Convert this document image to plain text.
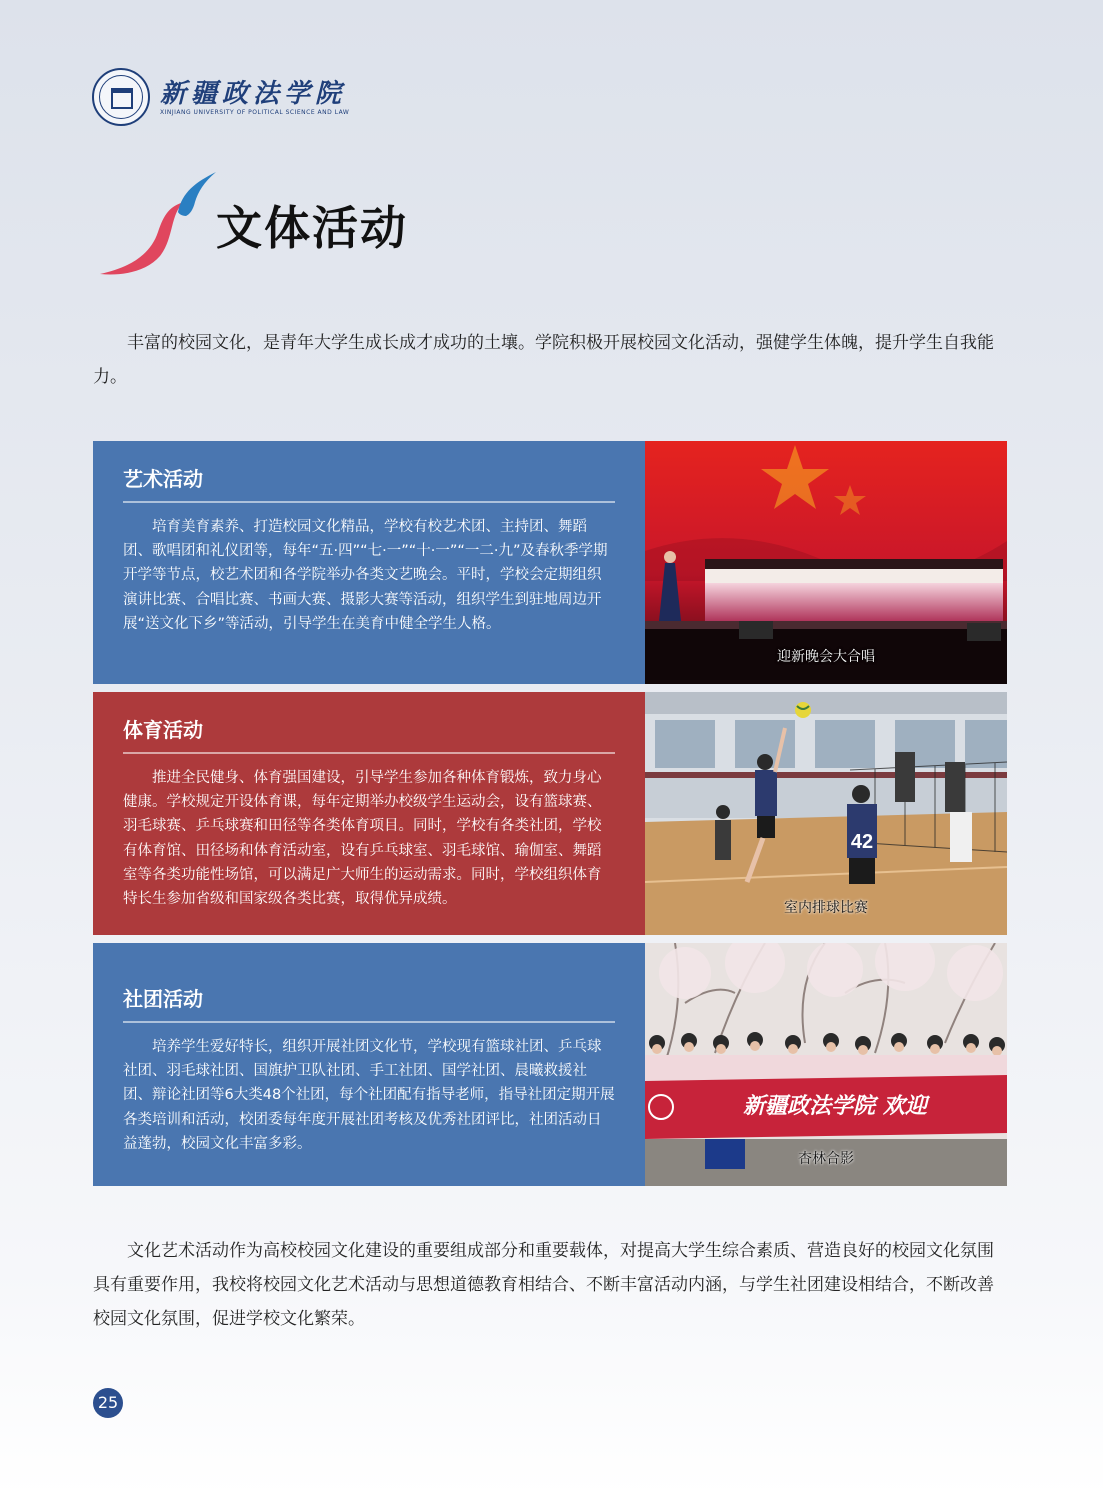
新疆政法学院
XINJIANG UNIVERSITY OF POLITICAL SCIENCE AND LAW
文体活动

丰富的校园文化，是青年大学生成长成才成功的土壤。学院积极开展校园文化活动，强健学生体魄，提升学生自我能力。

艺术活动

培育美育素养、打造校园文化精品，学校有校艺术团、主持团、舞蹈团、歌唱团和礼仪团等，每年“五·四”“七·一”“十·一”“一二·九”及春秋季学期开学等节点，校艺术团和各学院举办各类文艺晚会。平时，学校会定期组织演讲比赛、合唱比赛、书画大赛、摄影大赛等活动，组织学生到驻地周边开展“送文化下乡”等活动，引导学生在美育中健全学生人格。

迎新晚会大合唱
体育活动

推进全民健身、体育强国建设，引导学生参加各种体育锻炼，致力身心健康。学校规定开设体育课，每年定期举办校级学生运动会，设有篮球赛、羽毛球赛、乒乓球赛和田径等各类体育项目。同时，学校有各类社团，学校有体育馆、田径场和体育活动室，设有乒乓球室、羽毛球馆、瑜伽室、舞蹈室等各类功能性场馆，可以满足广大师生的运动需求。同时，学校组织体育特长生参加省级和国家级各类比赛，取得优异成绩。

42
室内排球比赛
社团活动

培养学生爱好特长，组织开展社团文化节，学校现有篮球社团、乒乓球社团、羽毛球社团、国旗护卫队社团、手工社团、国学社团、晨曦救援社团、辩论社团等6大类48个社团，每个社团配有指导老师，指导社团定期开展各类培训和活动，校团委每年度开展社团考核及优秀社团评比，社团活动日益蓬勃，校园文化丰富多彩。

新疆政法学院 欢迎
杏林合影

文化艺术活动作为高校校园文化建设的重要组成部分和重要载体，对提高大学生综合素质、营造良好的校园文化氛围具有重要作用，我校将校园文化艺术活动与思想道德教育相结合、不断丰富活动内涵，与学生社团建设相结合，不断改善校园文化氛围，促进学校文化繁荣。

25
